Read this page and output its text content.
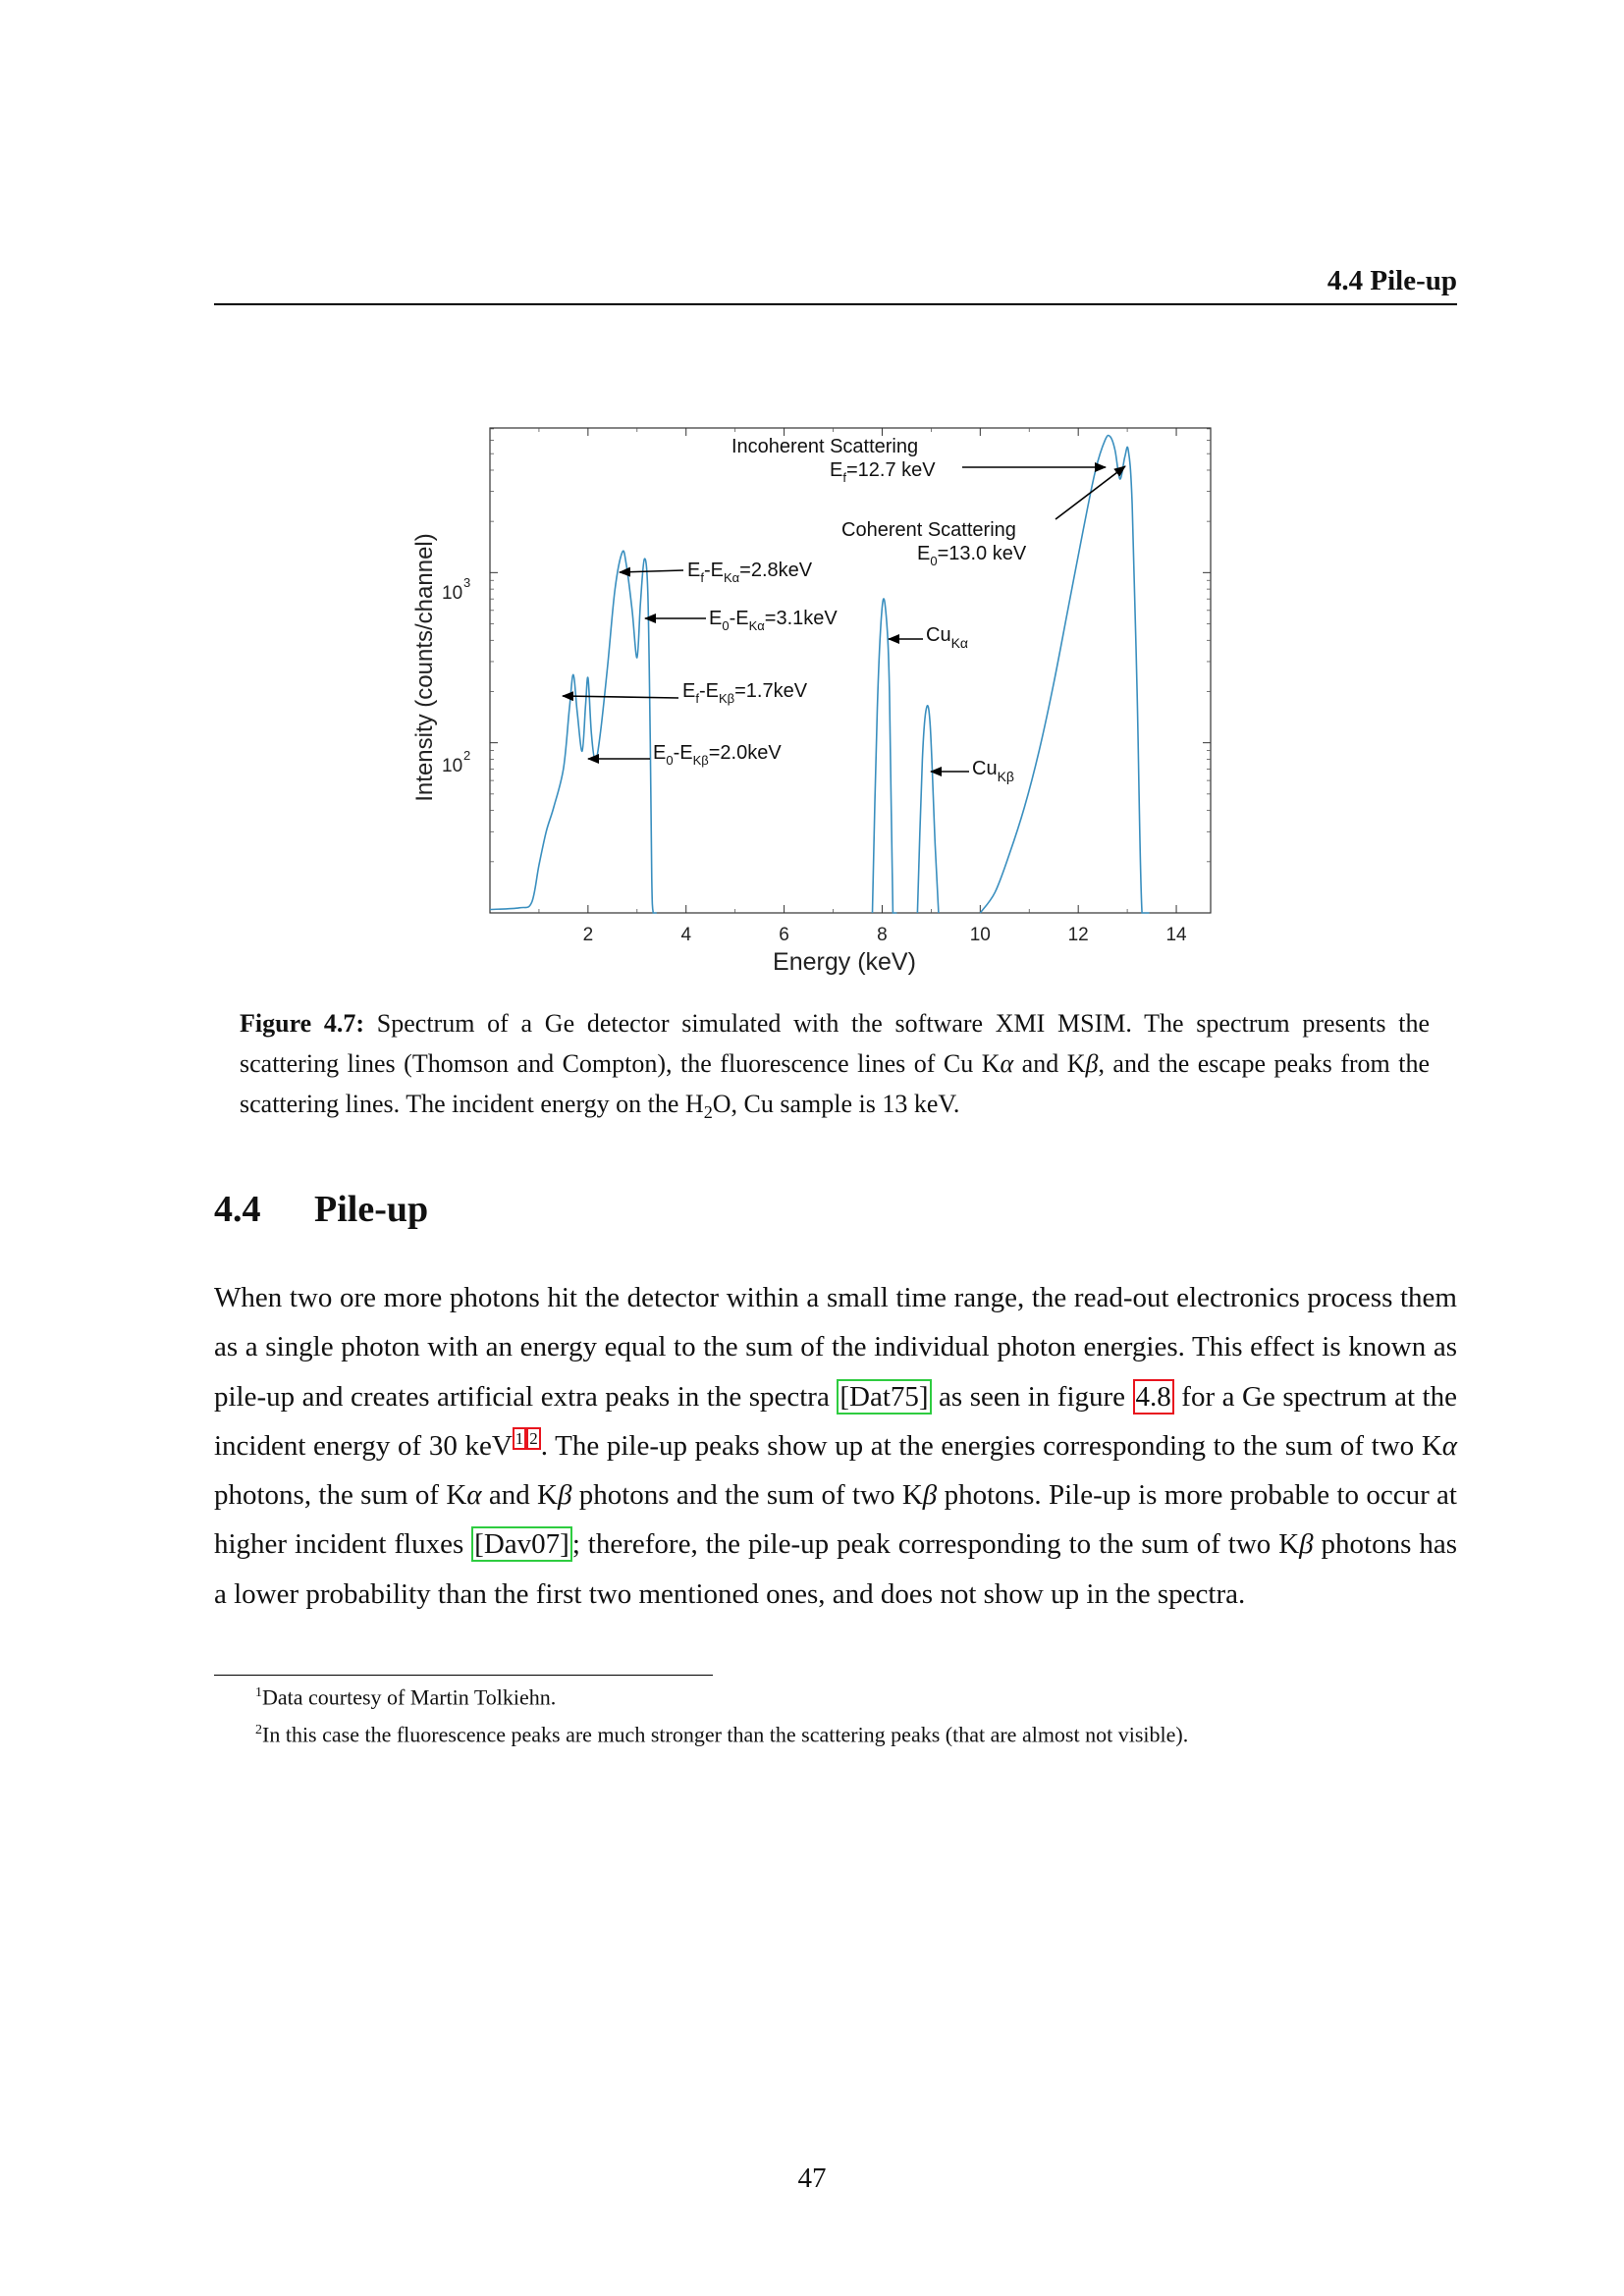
4.4 Pile-up
2	4	6	8	10	12	14
Intensity (counts/channel)
Energy (keV)
10
3
10
2
Incoherent Scattering
$E_f=12.7$ keV
Coherent Scattering
$E_0=13.0$ keV
$E_f-E_{K\alpha}=2.8keV$
$E_0-E_{K\alpha}=3.1keV$
$E_f-E_{K\beta}=1.7keV$
$E_0-E_{K\beta}=2.0keV$
$Cu_{K\alpha}$
$Cu_{K\beta}$
Figure 4.7: Spectrum of a Ge detector simulated with the software XMI MSIM. The spectrum presents the scattering lines (Thomson and Compton), the fluorescence lines of Cu Kα and Kβ, and the escape peaks from the scattering lines. The incident energy on the $H_2O$, Cu sample is 13 keV.
4.4 Pile-up
When two ore more photons hit the detector within a small time range, the read-out electronics process them as a single photon with an energy equal to the sum of the individual photon energies. This effect is known as pile-up and creates artificial extra peaks in the spectra [Dat75] as seen in figure 4.8 for a Ge spectrum at the incident energy of 30 keV $^{1 2}$ . The pile-up peaks show up at the energies corresponding to the sum of two Kα photons, the sum of Kα and Kβ photons and the sum of two Kβ photons. Pile-up is more probable to occur at higher incident fluxes [Dav07] ; therefore, the pile-up peak corresponding to the sum of two Kβ photons has a lower probability than the first two mentioned ones, and does not show up in the spectra.
$^1$Data courtesy of Martin Tolkiehn.
$^2$In this case the fluorescence peaks are much stronger than the scattering peaks (that are almost not visible).
47
